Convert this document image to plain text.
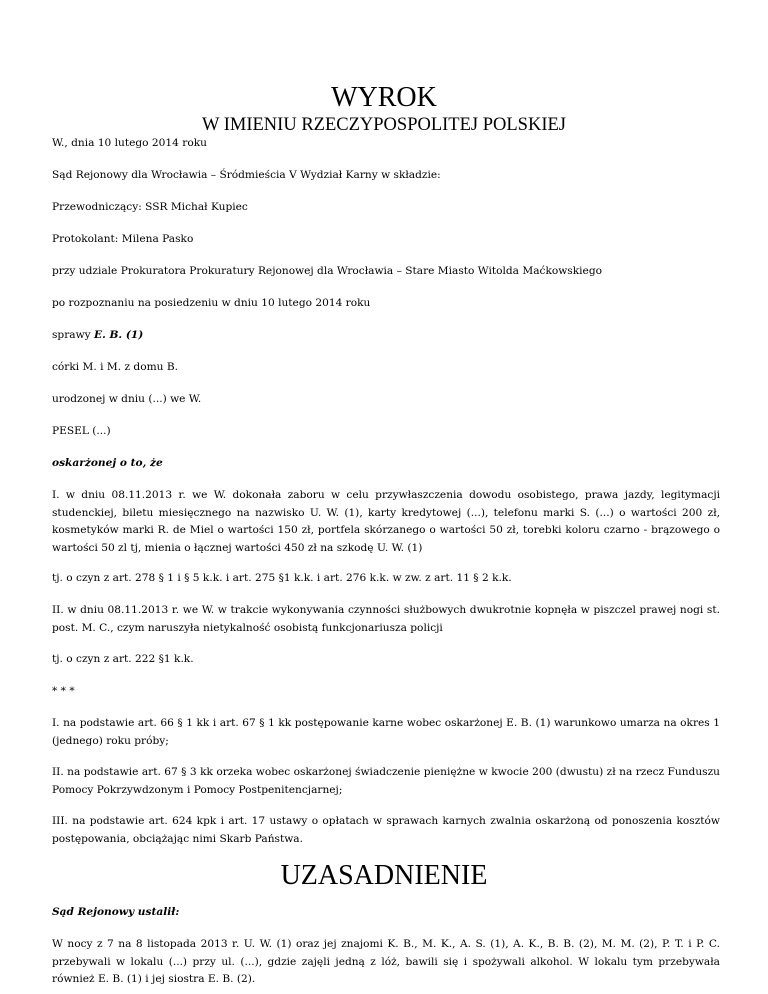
WYROK
W IMIENIU RZECZYPOSPOLITEJ POLSKIEJ

W., dnia 10 lutego 2014 roku

Sąd Rejonowy dla Wrocławia – Śródmieścia V Wydział Karny w składzie:

Przewodniczący: SSR Michał Kupiec

Protokolant: Milena Pasko

przy udziale Prokuratora Prokuratury Rejonowej dla Wrocławia – Stare Miasto Witolda Maćkowskiego

po rozpoznaniu na posiedzeniu w dniu 10 lutego 2014 roku

sprawy E. B. (1)

córki M. i M. z domu B.

urodzonej w dniu (...) we W.

PESEL (...)

oskarżonej o to, że

I. w dniu 08.11.2013 r. we W. dokonała zaboru w celu przywłaszczenia dowodu osobistego, prawa jazdy, legitymacji studenckiej, biletu miesięcznego na nazwisko U. W. (1), karty kredytowej (...), telefonu marki S. (...) o wartości 200 zł, kosmetyków marki R. de Miel o wartości 150 zł, portfela skórzanego o wartości 50 zł, torebki koloru czarno - brązowego o wartości 50 zl tj, mienia o łącznej wartości 450 zł na szkodę U. W. (1)

tj. o czyn z art. 278 § 1 i § 5 k.k. i art. 275 §1 k.k. i art. 276 k.k. w zw. z art. 11 § 2 k.k.

II. w dniu 08.11.2013 r. we W. w trakcie wykonywania czynności służbowych dwukrotnie kopnęła w piszczel prawej nogi st. post. M. C., czym naruszyła nietykalność osobistą funkcjonariusza policji

tj. o czyn z art. 222 §1 k.k.

* * *

I. na podstawie art. 66 § 1 kk i art. 67 § 1 kk postępowanie karne wobec oskarżonej E. B. (1) warunkowo umarza na okres 1 (jednego) roku próby;

II. na podstawie art. 67 § 3 kk orzeka wobec oskarżonej świadczenie pieniężne w kwocie 200 (dwustu) zł na rzecz Funduszu Pomocy Pokrzywdzonym i Pomocy Postpenitencjarnej;

III. na podstawie art. 624 kpk i art. 17 ustawy o opłatach w sprawach karnych zwalnia oskarżoną od ponoszenia kosztów postępowania, obciążając nimi Skarb Państwa.

UZASADNIENIE

Sąd Rejonowy ustalił:

W nocy z 7 na 8 listopada 2013 r. U. W. (1) oraz jej znajomi K. B., M. K., A. S. (1), A. K., B. B. (2), M. M. (2), P. T. i P. C. przebywali w lokalu (...) przy ul. (...), gdzie zajęli jedną z lóż, bawili się i spożywali alkohol. W lokalu tym przebywała również E. B. (1) i jej siostra E. B. (2).
